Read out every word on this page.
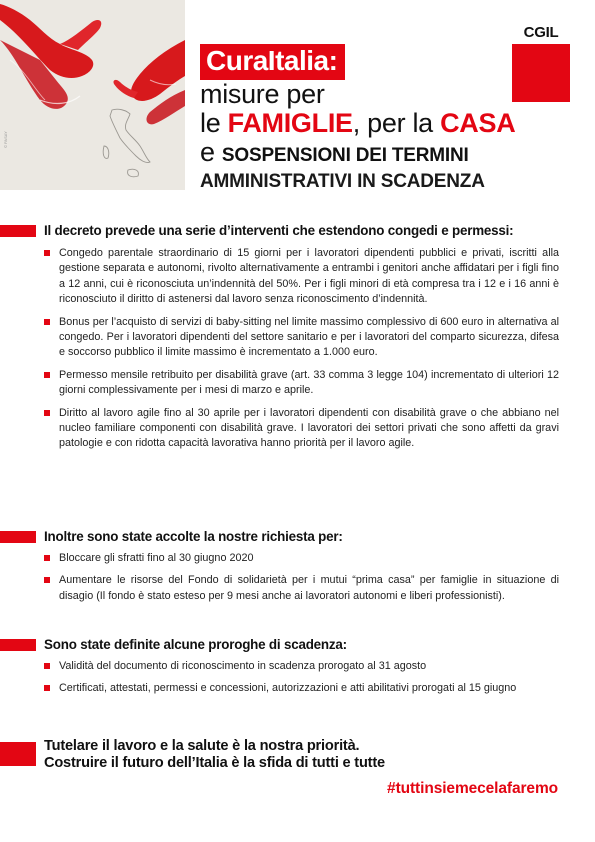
© PASAY
CGIL
CuraItalia:
misure per
le FAMIGLIE, per la CASA
e SOSPENSIONI DEI TERMINI
AMMINISTRATIVI IN SCADENZA
Il decreto prevede una serie d’interventi che estendono congedi e permessi:
Congedo parentale straordinario di 15 giorni per i lavoratori dipendenti pubblici e privati, iscritti alla gestione separata e autonomi, rivolto alternativamente a entrambi i genitori anche affidatari per i figli fino a 12 anni, cui è riconosciuta un’indennità del 50%. Per i figli minori di età compresa tra i 12 e i 16 anni è riconosciuto il diritto di astenersi dal lavoro senza riconoscimento d’indennità.
Bonus per l’acquisto di servizi di baby-sitting nel limite massimo complessivo di 600 euro in alternativa al congedo. Per i lavoratori dipendenti del settore sanitario e per i lavoratori del comparto sicurezza, difesa e soccorso pubblico il limite massimo è incrementato a 1.000 euro.
Permesso mensile retribuito per disabilità grave (art. 33 comma 3 legge 104) incrementato di ulteriori 12 giorni complessivamente per i mesi di marzo e aprile.
Diritto al lavoro agile fino al 30 aprile per i lavoratori dipendenti con disabilità grave o che abbiano nel nucleo familiare componenti con disabilità grave. I lavoratori dei settori privati che sono affetti da gravi patologie e con ridotta capacità lavorativa hanno priorità per il lavoro agile.
Inoltre sono state accolte la nostre richiesta per:
Bloccare gli sfratti fino al 30 giugno 2020
Aumentare le risorse del Fondo di solidarietà per i mutui “prima casa” per famiglie in situazione di disagio (Il fondo è stato esteso per 9 mesi anche ai lavoratori autonomi e liberi professionisti).
Sono state definite alcune proroghe di scadenza:
Validità del documento di riconoscimento in scadenza prorogato al 31 agosto
Certificati, attestati, permessi e concessioni, autorizzazioni e atti abilitativi prorogati al 15 giugno
Tutelare il lavoro e la salute è la nostra priorità.
Costruire il futuro dell’Italia è la sfida di tutti e tutte
#tuttinsiemecelafaremo
